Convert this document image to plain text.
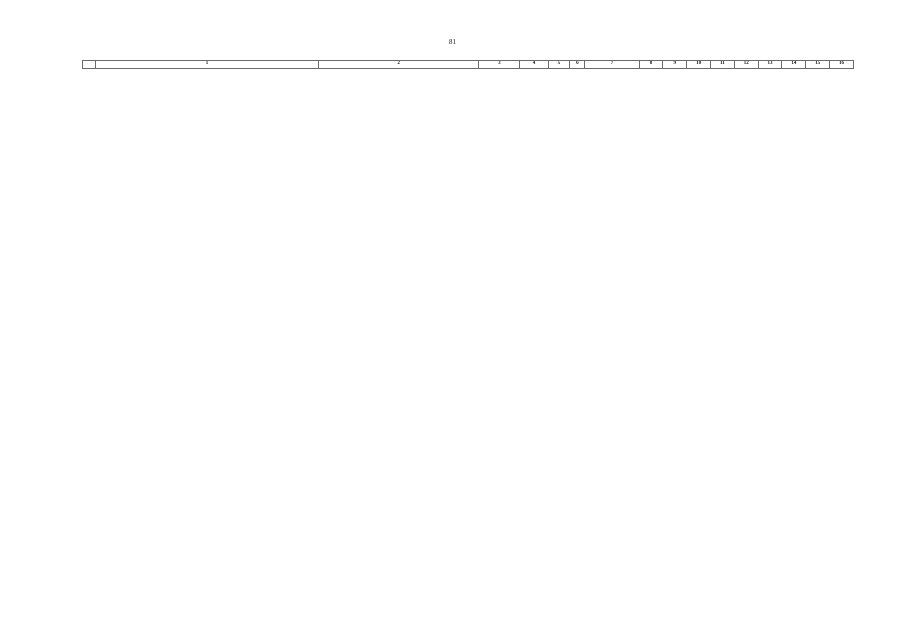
81
	1	2	3	4	5	6	7	8	9	10	11	12	13	14	15	16
